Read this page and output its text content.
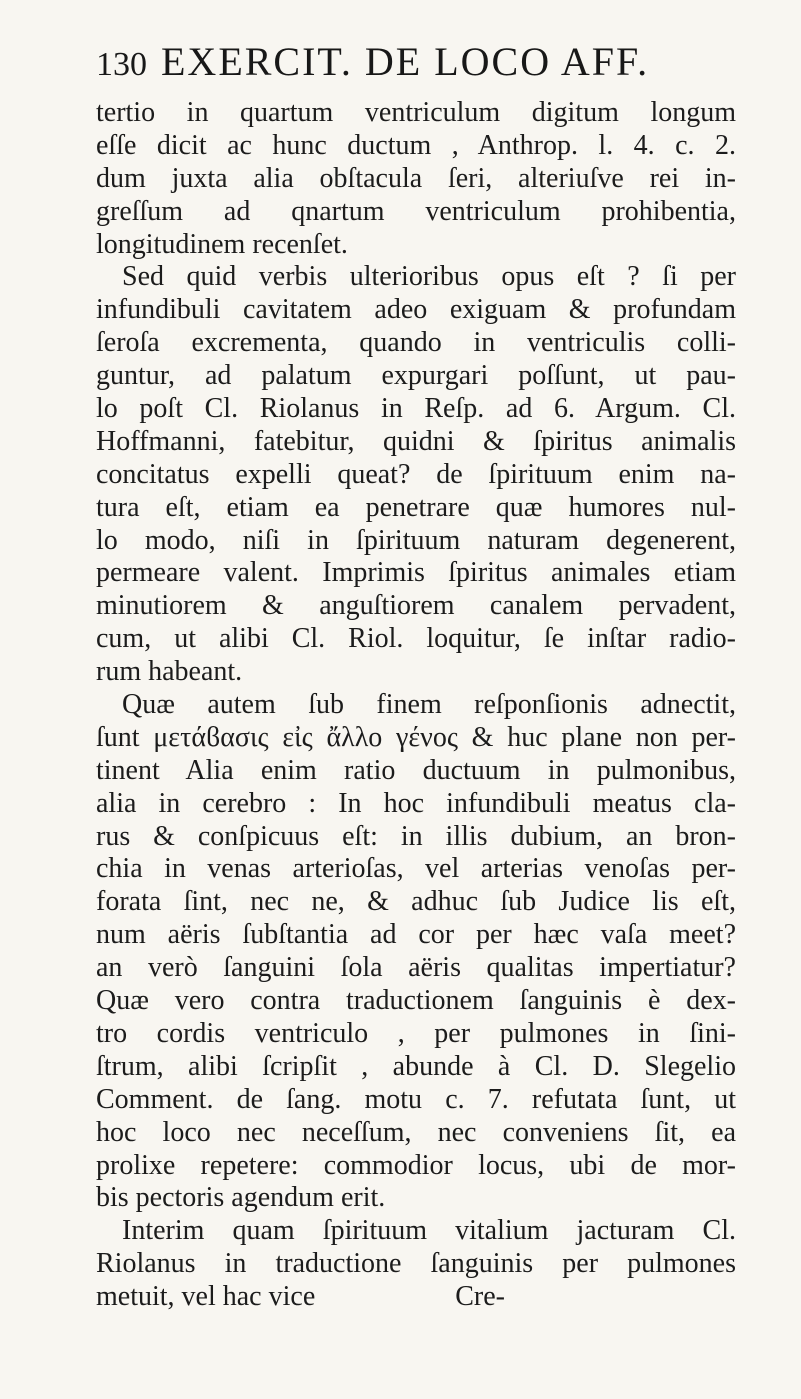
130 EXERCIT. DE LOCO AFF.
tertio in quartum ventriculum digitum longum
eſſe dicit ac hunc ductum , Anthrop. l. 4. c. 2.
dum juxta alia obſtacula ſeri, alteriuſve rei in-
greſſum ad qnartum ventriculum prohibentia,
longitudinem recenſet.
Sed quid verbis ulterioribus opus eſt ? ſi per
infundibuli cavitatem adeo exiguam & profundam
ſeroſa excrementa, quando in ventriculis colli-
guntur, ad palatum expurgari poſſunt, ut pau-
lo poſt Cl. Riolanus in Reſp. ad 6. Argum. Cl.
Hoffmanni, fatebitur, quidni & ſpiritus animalis
concitatus expelli queat? de ſpirituum enim na-
tura eſt, etiam ea penetrare quæ humores nul-
lo modo, niſi in ſpirituum naturam degenerent,
permeare valent. Imprimis ſpiritus animales etiam
minutiorem & anguſtiorem canalem pervadent,
cum, ut alibi Cl. Riol. loquitur, ſe inſtar radio-
rum habeant.
Quæ autem ſub finem reſponſionis adnectit,
ſunt μετάϐασις εἰς ἄλλο γένος & huc plane non per-
tinent Alia enim ratio ductuum in pulmonibus,
alia in cerebro : In hoc infundibuli meatus cla-
rus & conſpicuus eſt: in illis dubium, an bron-
chia in venas arterioſas, vel arterias venoſas per-
forata ſint, nec ne, & adhuc ſub Judice lis eſt,
num aëris ſubſtantia ad cor per hæc vaſa meet?
an verò ſanguini ſola aëris qualitas impertiatur?
Quæ vero contra traductionem ſanguinis è dex-
tro cordis ventriculo , per pulmones in ſini-
ſtrum, alibi ſcripſit , abunde à Cl. D. Slegelio
Comment. de ſang. motu c. 7. refutata ſunt, ut
hoc loco nec neceſſum, nec conveniens ſit, ea
prolixe repetere: commodior locus, ubi de mor-
bis pectoris agendum erit.
Interim quam ſpirituum vitalium jacturam Cl.
Riolanus in traductione ſanguinis per pulmones
metuit, vel hac vice                    Cre-
